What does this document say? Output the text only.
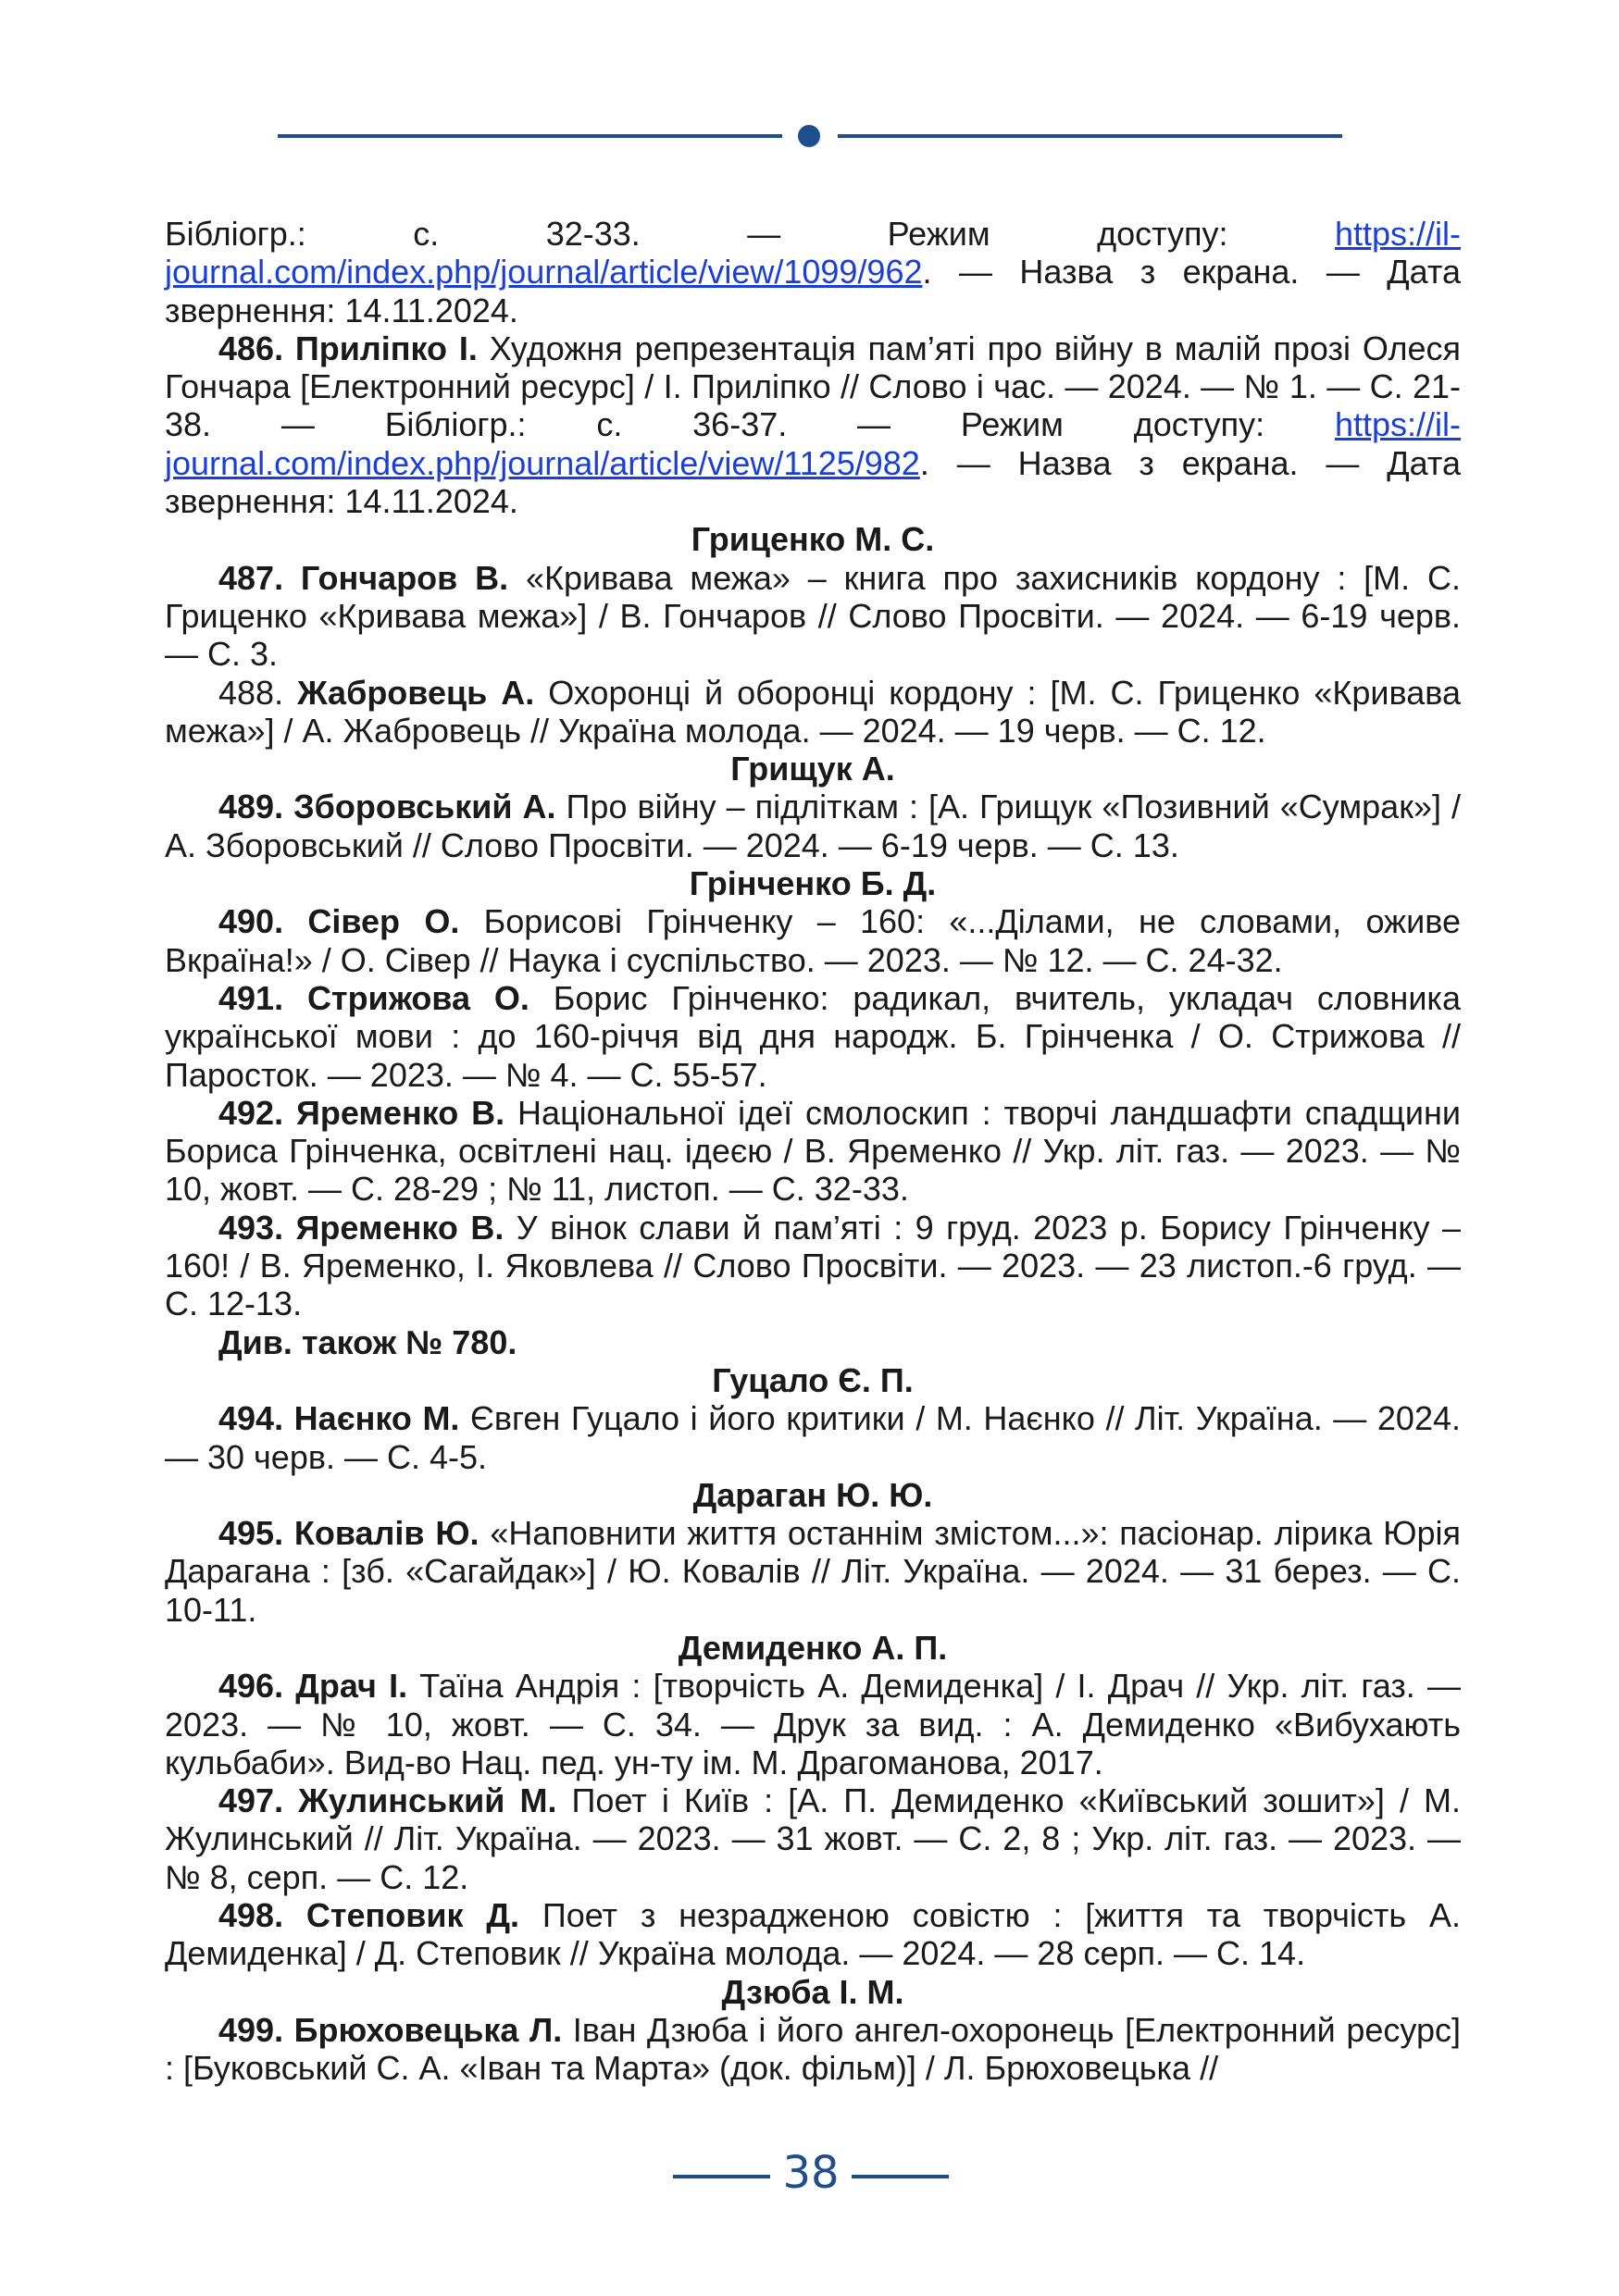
Бібліогр.: с. 32-33. — Режим доступу: https://il-journal.com/index.php/journal/article/view/1099/962. — Назва з екрана. — Дата звернення: 14.11.2024.

486. Приліпко І. Художня репрезентація пам’яті про війну в малій прозі Олеся Гончара [Електронний ресурс] / І. Приліпко // Слово і час. — 2024. — № 1. — С. 21-38. — Бібліогр.: с. 36-37. — Режим доступу: https://il-journal.com/index.php/journal/article/view/1125/982. — Назва з екрана. — Дата звернення: 14.11.2024.

Гриценко М. С.

487. Гончаров В. «Кривава межа» – книга про захисників кордону : [М. С. Гриценко «Кривава межа»] / В. Гончаров // Слово Просвіти. — 2024. — 6-19 черв. — С. 3.

488. Жабровець А. Охоронці й оборонці кордону : [М. С. Гриценко «Кривава межа»] / А. Жабровець // Україна молода. — 2024. — 19 черв. — С. 12.

Грищук А.

489. Зборовський А. Про війну – підліткам : [А. Грищук «Позивний «Сумрак»] / А. Зборовський // Слово Просвіти. — 2024. — 6-19 черв. — С. 13.

Грінченко Б. Д.

490. Сівер О. Борисові Грінченку – 160: «...Ділами, не словами, оживе Вкраїна!» / О. Сівер // Наука і суспільство. — 2023. — № 12. — С. 24-32.

491. Стрижова О. Борис Грінченко: радикал, вчитель, укладач словника української мови : до 160-річчя від дня народж. Б. Грінченка / О. Стрижова // Паросток. — 2023. — № 4. — С. 55-57.

492. Яременко В. Національної ідеї смолоскип : творчі ландшафти спадщини Бориса Грінченка, освітлені нац. ідеєю / В. Яременко // Укр. літ. газ. — 2023. — № 10, жовт. — С. 28-29 ; № 11, листоп. — С. 32-33.

493. Яременко В. У вінок слави й пам’яті : 9 груд. 2023 р. Борису Грінченку – 160! / В. Яременко, І. Яковлева // Слово Просвіти. — 2023. — 23 листоп.-6 груд. — С. 12-13.

Див. також № 780.

Гуцало Є. П.

494. Наєнко М. Євген Гуцало і його критики / М. Наєнко // Літ. Україна. — 2024. — 30 черв. — С. 4-5.

Дараган Ю. Ю.

495. Ковалів Ю. «Наповнити життя останнім змістом...»: пасіонар. лірика Юрія Дарагана : [зб. «Сагайдак»] / Ю. Ковалів // Літ. Україна. — 2024. — 31 берез. — С. 10-11.

Демиденко А. П.

496. Драч І. Таїна Андрія : [творчість А. Демиденка] / І. Драч // Укр. літ. газ. — 2023. — № 10, жовт. — С. 34. — Друк за вид. : А. Демиденко «Вибухають кульбаби». Вид-во Нац. пед. ун-ту ім. М. Драгоманова, 2017.

497. Жулинський М. Поет і Київ : [А. П. Демиденко «Київський зошит»] / М. Жулинський // Літ. Україна. — 2023. — 31 жовт. — С. 2, 8 ; Укр. літ. газ. — 2023. — № 8, серп. — С. 12.

498. Степовик Д. Поет з незрадженою совістю : [життя та творчість А. Демиденка] / Д. Степовик // Україна молода. — 2024. — 28 серп. — С. 14.

Дзюба І. М.

499. Брюховецька Л. Іван Дзюба і його ангел-охоронець [Електронний ресурс] : [Буковський С. А. «Іван та Марта» (док. фільм)] / Л. Брюховецька //

38
